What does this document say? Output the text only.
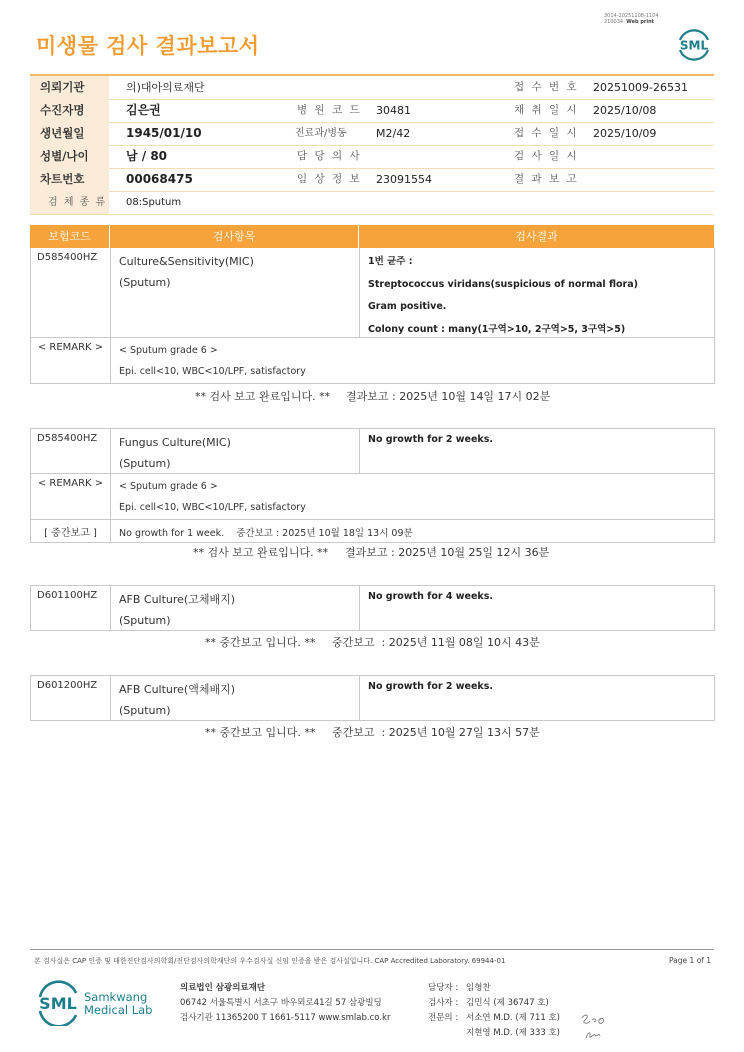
미생물 검사 결과보고서
3014-20251108-1104
210034 Web print
SML
의뢰기관	의)대아의료재단	접 수 번 호 20251009-26531
수진자명	김은권	병 원 코 드 30481	채 취 일 시 2025/10/08
생년월일	1945/01/10	진료과/병동	M2/42	접 수 일 시 2025/10/09
성별/나이	남 / 80	담 당 의 사	검 사 일 시
차트번호	00068475	임 상 정 보 23091554	결 과 보 고
검 체 종 류 08:Sputum
보험코드	검사항목	검사결과
D585400HZ Culture&Sensitivity(MIC)
(Sputum)
1번 균주 :
Streptococcus viridans(suspicious of normal flora)
Gram positive.
Colony count : many(1구역>10, 2구역>5, 3구역>5)
< REMARK >	< Sputum grade 6 >
Epi. cell<10, WBC<10/LPF, satisfactory
** 검사 보고 완료입니다. ** 결과보고 : 2025년 10월 14일 17시 02분
D585400HZ Fungus Culture(MIC)
(Sputum)
No growth for 2 weeks.
< REMARK >	< Sputum grade 6 >
Epi. cell<10, WBC<10/LPF, satisfactory
[ 중간보고 ]	No growth for 1 week.    중간보고 : 2025년 10월 18일 13시 09분
** 검사 보고 완료입니다. ** 결과보고 : 2025년 10월 25일 12시 36분
D601100HZ AFB Culture(고체배지)
(Sputum)
No growth for 4 weeks.
** 중간보고 입니다. ** 중간보고  : 2025년 11월 08일 10시 43분
D601200HZ AFB Culture(액체배지)
(Sputum)
No growth for 2 weeks.
** 중간보고 입니다. ** 중간보고  : 2025년 10월 27일 13시 57분
본 검사실은 CAP 인증 및 대한진단검사의학회/진단검사의학재단의 우수검사실 신임 인증을 받은 검사실입니다. CAP Accredited Laboratory. 69944-01	Page 1 of 1
SML Samkwang
Medical Lab
의료법인 삼광의료재단
06742 서울특별시 서초구 바우뫼로41길 57 삼광빌딩
검사기관 11365200 T 1661-5117 www.smlab.co.kr
담당자 : 임형찬
검사자 : 김민식 (제 36747 호)
전문의 : 서소연 M.D. (제 711 호)
지현영 M.D. (제 333 호)
